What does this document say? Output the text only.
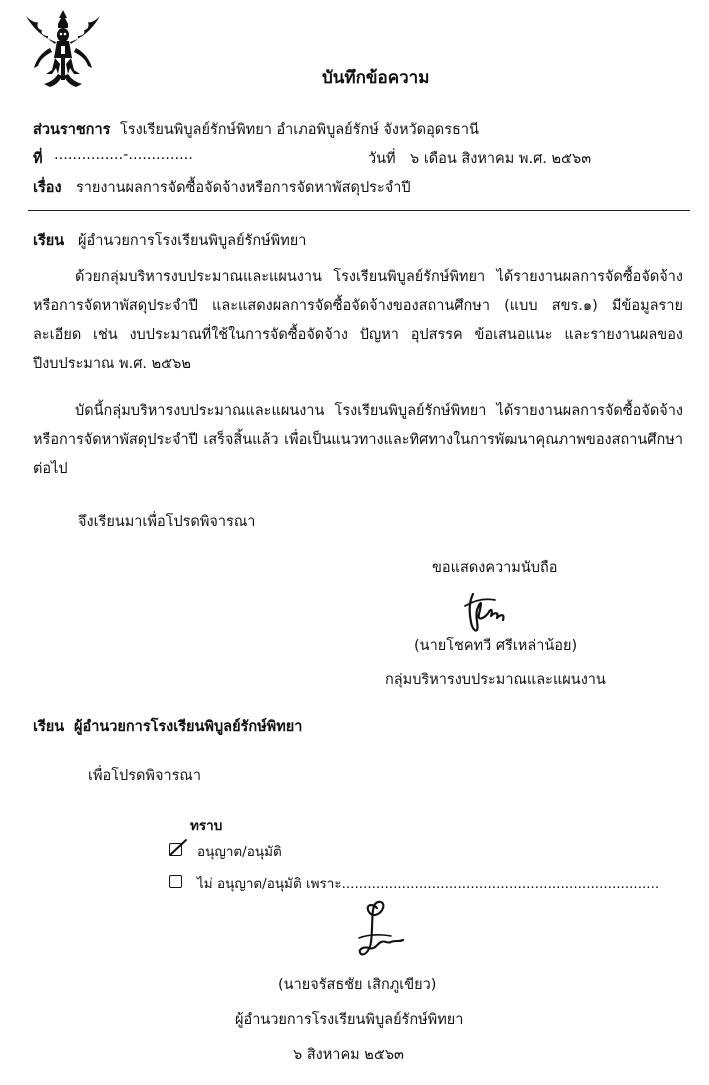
บันทึกข้อความ
ส่วนราชการ โรงเรียนพิบูลย์รักษ์พิทยา อำเภอพิบูลย์รักษ์ จังหวัดอุดรธานี
ที่ ...............-..............	วันที่ ๖ เดือน สิงหาคม พ.ศ. ๒๕๖๓
เรื่อง รายงานผลการจัดซื้อจัดจ้างหรือการจัดหาพัสดุประจำปี
เรียน ผู้อำนวยการโรงเรียนพิบูลย์รักษ์พิทยา

ด้วยกลุ่มบริหารงบประมาณและแผนงาน โรงเรียนพิบูลย์รักษ์พิทยา ได้รายงานผลการจัดซื้อจัดจ้างหรือการจัดหาพัสดุประจำปี และแสดงผลการจัดซื้อจัดจ้างของสถานศึกษา (แบบ สขร.๑) มีข้อมูลรายละเอียด เช่น งบประมาณที่ใช้ในการจัดซื้อจัดจ้าง ปัญหา อุปสรรค ข้อเสนอแนะ และรายงานผลของปีงบประมาณ พ.ศ. ๒๕๖๒

บัดนี้กลุ่มบริหารงบประมาณและแผนงาน โรงเรียนพิบูลย์รักษ์พิทยา ได้รายงานผลการจัดซื้อจัดจ้างหรือการจัดหาพัสดุประจำปี เสร็จสิ้นแล้ว เพื่อเป็นแนวทางและทิศทางในการพัฒนาคุณภาพของสถานศึกษาต่อไป

จึงเรียนมาเพื่อโปรดพิจารณา
ขอแสดงความนับถือ
(นายโชคทวี ศรีเหล่าน้อย)
กลุ่มบริหารงบประมาณและแผนงาน
เรียน ผู้อำนวยการโรงเรียนพิบูลย์รักษ์พิทยา
เพื่อโปรดพิจารณา
ทราบ
อนุญาต/อนุมัติ
ไม่ อนุญาต/อนุมัติ เพราะ..........................................................................
(นายจรัสธชัย เสิกภูเขียว)
ผู้อำนวยการโรงเรียนพิบูลย์รักษ์พิทยา
๖ สิงหาคม ๒๕๖๓
